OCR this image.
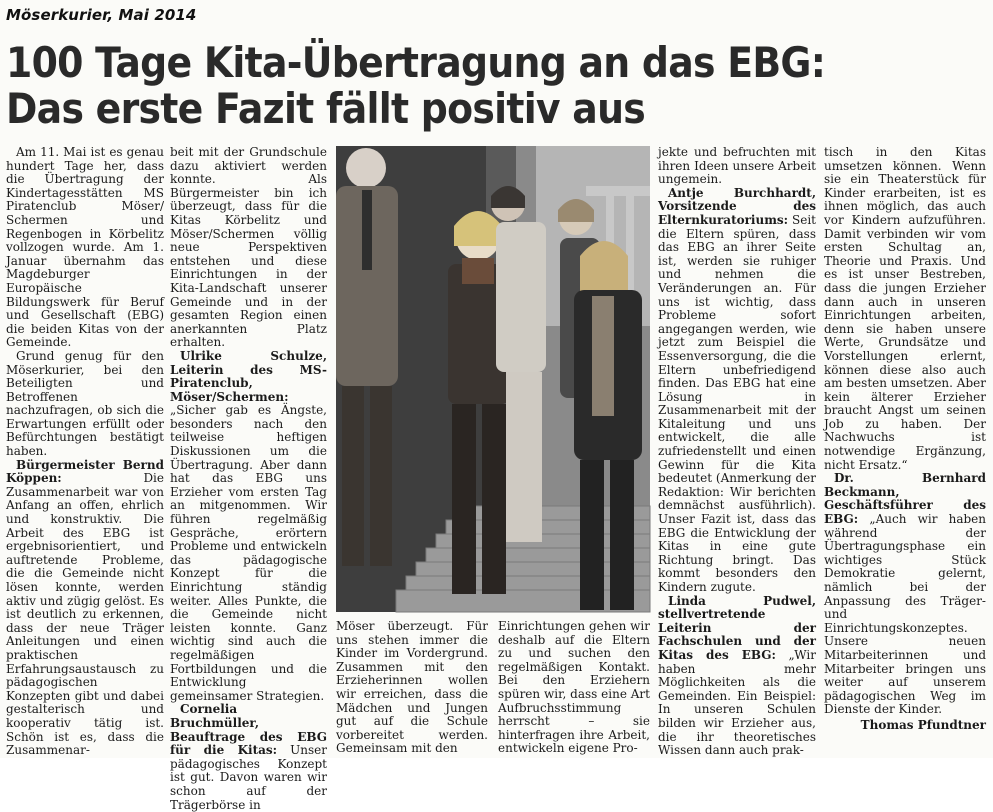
Möserkurier, Mai 2014
100 Tage Kita-Übertragung an das EBG:
Das erste Fazit fällt positiv aus

Am 11. Mai ist es genau hundert Tage her, dass die Übertragung der Kindertagesstätten MS Piratenclub Möser/ Schermen und Regenbogen in Körbelitz vollzogen wurde. Am 1. Januar übernahm das Magdeburger Europäische Bildungswerk für Beruf und Gesellschaft (EBG) die beiden Kitas von der Gemeinde.

Grund genug für den Möserkurier, bei den Beteiligten und Betroffenen nachzufragen, ob sich die Erwartungen erfüllt oder Befürchtungen bestätigt haben.

Bürgermeister Bernd Köppen: Die Zusammenarbeit war von Anfang an offen, ehrlich und konstruktiv. Die Arbeit des EBG ist ergebnisorientiert, und auftretende Probleme, die die Gemeinde nicht lösen konnte, werden aktiv und zügig gelöst. Es ist deutlich zu erkennen, dass der neue Träger Anleitungen und einen praktischen Erfahrungsaustausch zu pädagogischen Konzepten gibt und dabei gestalterisch und kooperativ tätig ist. Schön ist es, dass die Zusammenar-

beit mit der Grundschule dazu aktiviert werden konnte. Als Bürgermeister bin ich überzeugt, dass für die Kitas Körbelitz und Möser/Schermen völlig neue Perspektiven entstehen und diese Einrichtungen in der Kita-Landschaft unserer Gemeinde und in der gesamten Region einen anerkannten Platz erhalten.

Ulrike Schulze, Leiterin des MS-Piratenclub, Möser/Schermen: „Sicher gab es Ängste, besonders nach den teilweise heftigen Diskussionen um die Übertragung. Aber dann hat das EBG uns Erzieher vom ersten Tag an mitgenommen. Wir führen regelmäßig Gespräche, erörtern Probleme und entwickeln das pädagogische Konzept für die Einrichtung ständig weiter. Alles Punkte, die die Gemeinde nicht leisten konnte. Ganz wichtig sind auch die regelmäßigen Fortbildungen und die Entwicklung gemeinsamer Strategien.

Cornelia Bruchmüller, Beauftrage des EBG für die Kitas: Unser pädagogisches Konzept ist gut. Davon waren wir schon auf der Trägerbörse in

Möser überzeugt. Für uns stehen immer die Kinder im Vordergrund. Zusammen mit den Erzieherinnen wollen wir erreichen, dass die Mädchen und Jungen gut auf die Schule vorbereitet werden. Gemeinsam mit den

Einrichtungen gehen wir deshalb auf die Eltern zu und suchen den regelmäßigen Kontakt. Bei den Erziehern spüren wir, dass eine Art Aufbruchsstimmung herrscht – sie hinterfragen ihre Arbeit, entwickeln eigene Pro-

jekte und befruchten mit ihren Ideen unsere Arbeit ungemein.

Antje Burchhardt, Vorsitzende des Elternkuratoriums: Seit die Eltern spüren, dass das EBG an ihrer Seite ist, werden sie ruhiger und nehmen die Veränderungen an. Für uns ist wichtig, dass Probleme sofort angegangen werden, wie jetzt zum Beispiel die Essenversorgung, die die Eltern unbefriedigend finden. Das EBG hat eine Lösung in Zusammenarbeit mit der Kitaleitung und uns entwickelt, die alle zufriedenstellt und einen Gewinn für die Kita bedeutet (Anmerkung der Redaktion: Wir berichten demnächst ausführlich). Unser Fazit ist, dass das EBG die Entwicklung der Kitas in eine gute Richtung bringt. Das kommt besonders den Kindern zugute.

Linda Pudwel, stellvertretende Leiterin der Fachschulen und der Kitas des EBG: „Wir haben mehr Möglichkeiten als die Gemeinden. Ein Beispiel: In unseren Schulen bilden wir Erzieher aus, die ihr theoretisches Wissen dann auch prak-

tisch in den Kitas umsetzen können. Wenn sie ein Theaterstück für Kinder erarbeiten, ist es ihnen möglich, das auch vor Kindern aufzuführen. Damit verbinden wir vom ersten Schultag an, Theorie und Praxis. Und es ist unser Bestreben, dass die jungen Erzieher dann auch in unseren Einrichtungen arbeiten, denn sie haben unsere Werte, Grundsätze und Vorstellungen erlernt, können diese also auch am besten umsetzen. Aber kein älterer Erzieher braucht Angst um seinen Job zu haben. Der Nachwuchs ist notwendige Ergänzung, nicht Ersatz.“

Dr. Bernhard Beckmann, Geschäftsführer des EBG: „Auch wir haben während der Übertragungsphase ein wichtiges Stück Demokratie gelernt, nämlich bei der Anpassung des Träger- und Einrichtungskonzeptes. Unsere neuen Mitarbeiterinnen und Mitarbeiter bringen uns weiter auf unserem pädagogischen Weg im Dienste der Kinder.

Thomas Pfundtner
